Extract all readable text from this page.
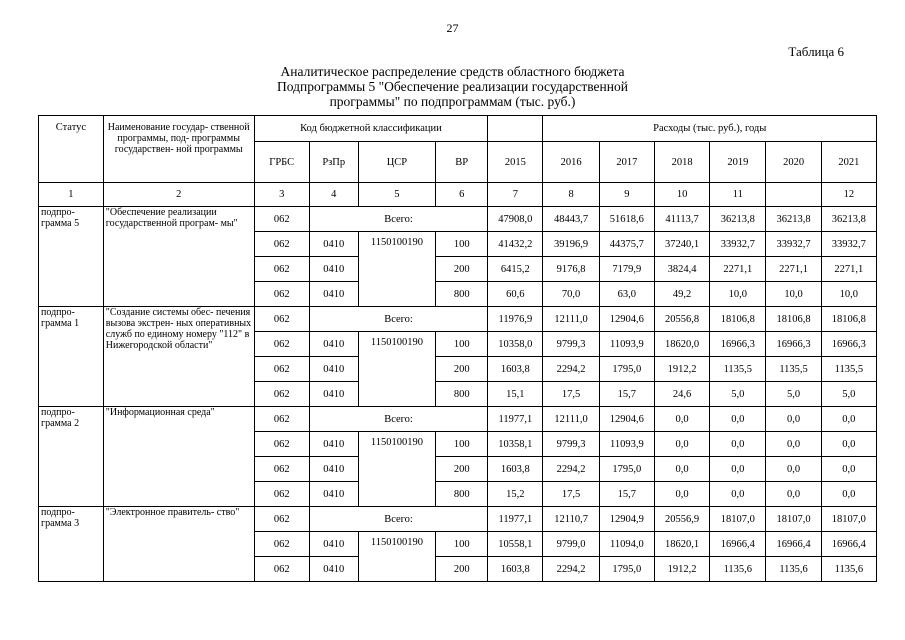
27
Таблица 6
Аналитическое распределение средств областного бюджета
Подпрограммы 5 "Обеспечение реализации государственной
программы" по подпрограммам (тыс. руб.)
Статус	Наименование государ- ственной программы, под- программы государствен- ной программы	Код бюджетной классификации					Расходы (тыс. руб.), годы					
		ГРБС	РзПр	ЦСР	ВР	2015	2016	2017	2018	2019	2020	2021
1	2	3	4	5	6	7	8	9	10	11		12
подпро- грамма 5	"Обеспечение реализации государственной програм- мы"	062	Всего:			47908,0	48443,7	51618,6	41113,7	36213,8	36213,8	36213,8
		062	0410	1150100190	100	41432,2	39196,9	44375,7	37240,1	33932,7	33932,7	33932,7
		062	0410		200	6415,2	9176,8	7179,9	3824,4	2271,1	2271,1	2271,1
		062	0410		800	60,6	70,0	63,0	49,2	10,0	10,0	10,0
подпро- грамма 1	"Создание системы обес- печения вызова экстрен- ных оперативных служб по единому номеру "112" в Нижегородской области"	062	Всего:			11976,9	12111,0	12904,6	20556,8	18106,8	18106,8	18106,8
		062	0410	1150100190	100	10358,0	9799,3	11093,9	18620,0	16966,3	16966,3	16966,3
		062	0410		200	1603,8	2294,2	1795,0	1912,2	1135,5	1135,5	1135,5
		062	0410		800	15,1	17,5	15,7	24,6	5,0	5,0	5,0
подпро- грамма 2	"Информационная среда"	062	Всего:			11977,1	12111,0	12904,6	0,0	0,0	0,0	0,0
		062	0410	1150100190	100	10358,1	9799,3	11093,9	0,0	0,0	0,0	0,0
		062	0410		200	1603,8	2294,2	1795,0	0,0	0,0	0,0	0,0
		062	0410		800	15,2	17,5	15,7	0,0	0,0	0,0	0,0
подпро- грамма 3	"Электронное правитель- ство"	062	Всего:			11977,1	12110,7	12904,9	20556,9	18107,0	18107,0	18107,0
		062	0410	1150100190	100	10558,1	9799,0	11094,0	18620,1	16966,4	16966,4	16966,4
		062	0410		200	1603,8	2294,2	1795,0	1912,2	1135,6	1135,6	1135,6
